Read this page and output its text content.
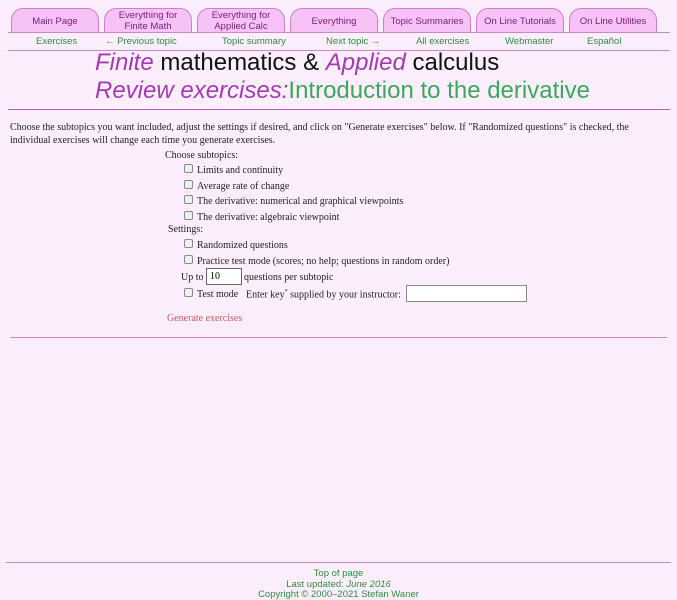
Main Page	Everything for Finite Math
Everything for Applied Calc	Everything	Topic Summaries	On Line Tutorials	On Line Utilities
Exercises	← Previous topic	Topic summary	Next topic →	All exercises	Webmaster	Español
Finite mathematics & Applied calculus
Review exercises:Introduction to the derivative
Choose the subtopics you want included, adjust the settings if desired, and click on "Generate exercises" below. If "Randomized questions" is checked, the individual exercises will change each time you generate exercises.
Choose subtopics:
Limits and continuity
Average rate of change
The derivative: numerical and graphical viewpoints
The derivative: algebraic viewpoint
Settings:
Randomized questions
Practice test mode (scores; no help; questions in random order)
Up to
10	questions per subtopic
Test mode Enter key* supplied by your instructor:
Generate exercises
Top of page
Last updated: June 2016
Copyright © 2000–2021 Stefan Waner
